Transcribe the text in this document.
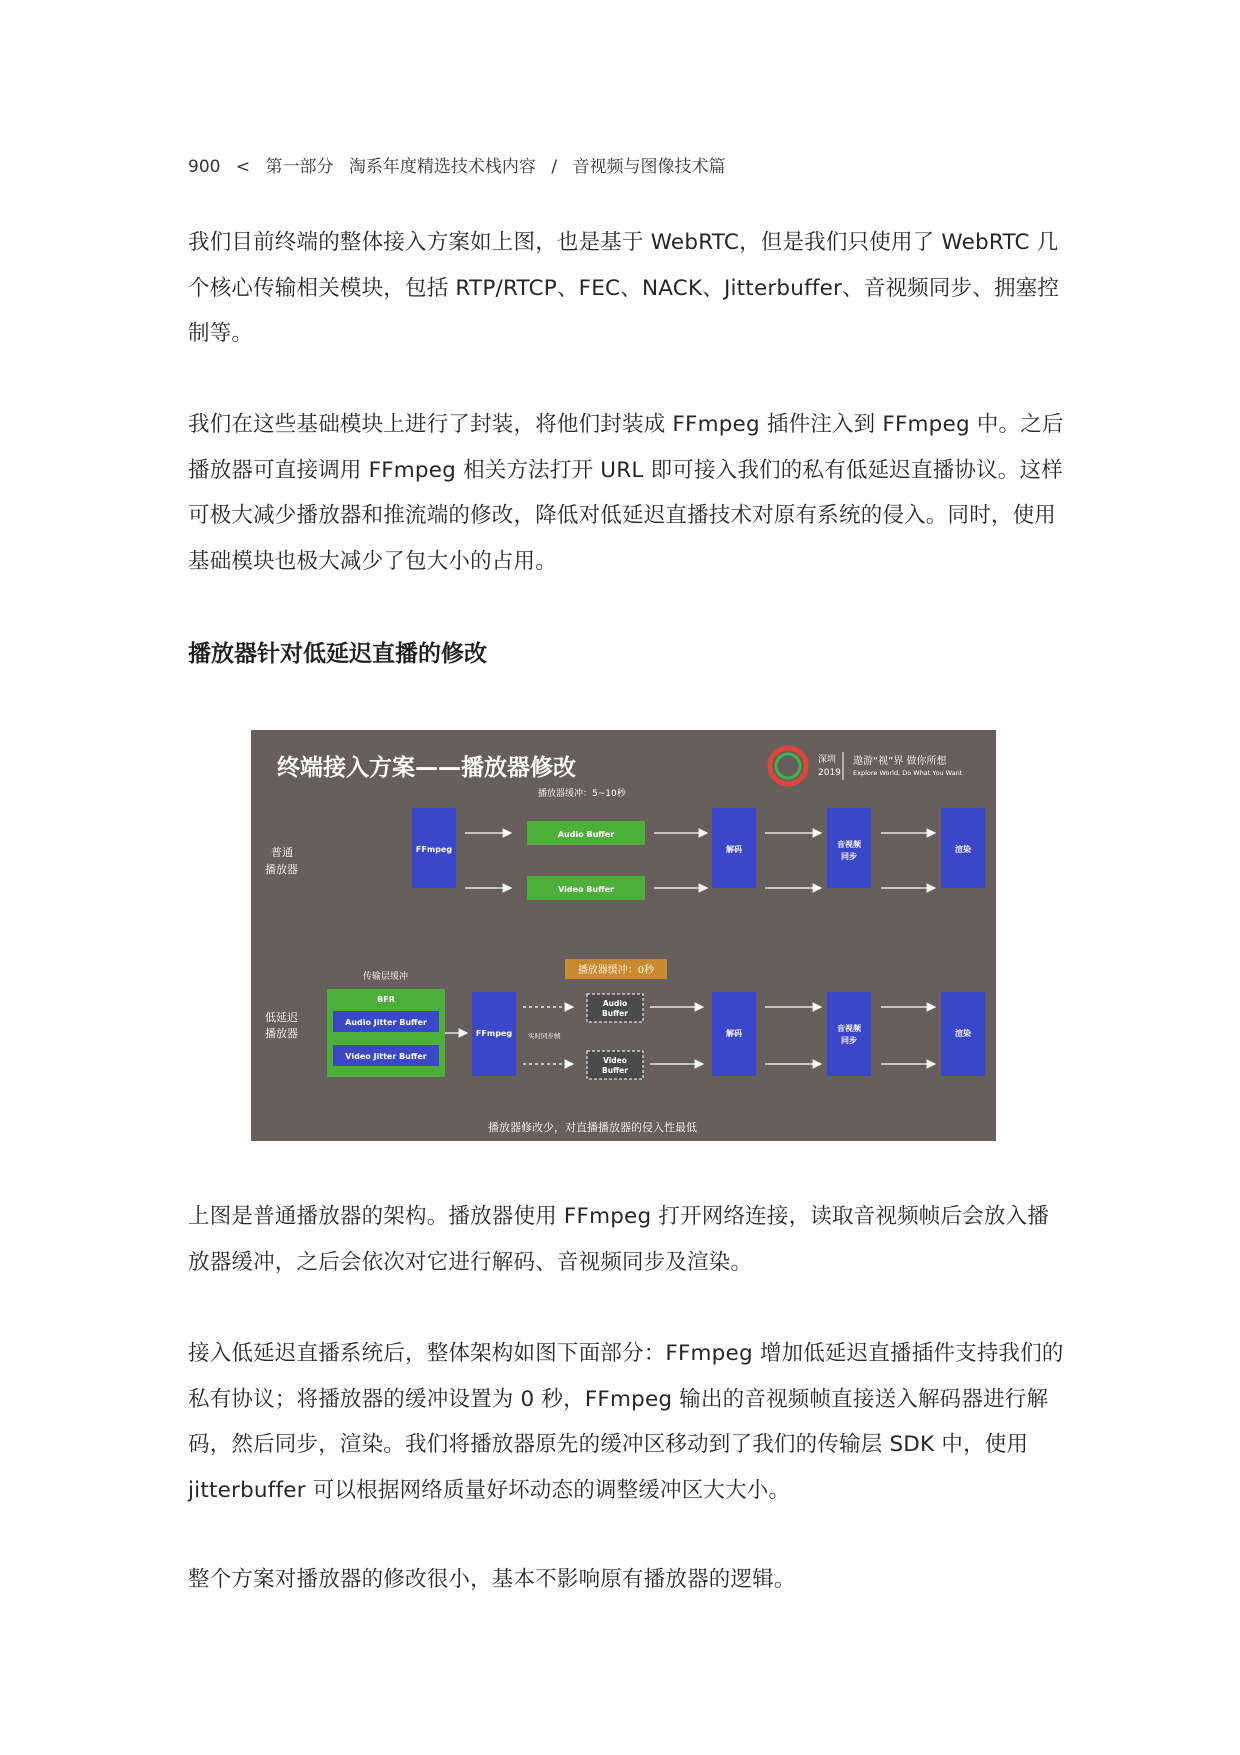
900 < 第一部分 淘系年度精选技术栈内容 / 音视频与图像技术篇

我们目前终端的整体接入方案如上图，也是基于 WebRTC，但是我们只使用了 WebRTC 几个核心传输相关模块，包括 RTP/RTCP、FEC、NACK、Jitterbuffer、音视频同步、拥塞控制等。

我们在这些基础模块上进行了封装，将他们封装成 FFmpeg 插件注入到 FFmpeg 中。之后播放器可直接调用 FFmpeg 相关方法打开 URL 即可接入我们的私有低延迟直播协议。这样可极大减少播放器和推流端的修改，降低对低延迟直播技术对原有系统的侵入。同时，使用基础模块也极大减少了包大小的占用。

播放器针对低延迟直播的修改
终端接入方案——播放器修改	深圳
2019
遨游“视”界 做你所想
Explore World, Do What You Want
播放器缓冲：5~10秒
普通
播放器
FFmpeg
Audio Buffer
Video Buffer
解码
音视频
同步
渲染
播放器缓冲：0秒
传输层缓冲
低延迟
播放器
BFR
Audio Jitter Buffer
Video Jitter Buffer
FFmpeg 实时同步帧
Audio
Buffer
Video
Buffer
解码
音视频
同步
渲染
播放器修改少，对直播播放器的侵入性最低

上图是普通播放器的架构。播放器使用 FFmpeg 打开网络连接，读取音视频帧后会放入播放器缓冲，之后会依次对它进行解码、音视频同步及渲染。

接入低延迟直播系统后，整体架构如图下面部分：FFmpeg 增加低延迟直播插件支持我们的私有协议；将播放器的缓冲设置为 0 秒，FFmpeg 输出的音视频帧直接送入解码器进行解码，然后同步，渲染。我们将播放器原先的缓冲区移动到了我们的传输层 SDK 中，使用 jitterbuffer 可以根据网络质量好坏动态的调整缓冲区大大小。

整个方案对播放器的修改很小，基本不影响原有播放器的逻辑。
